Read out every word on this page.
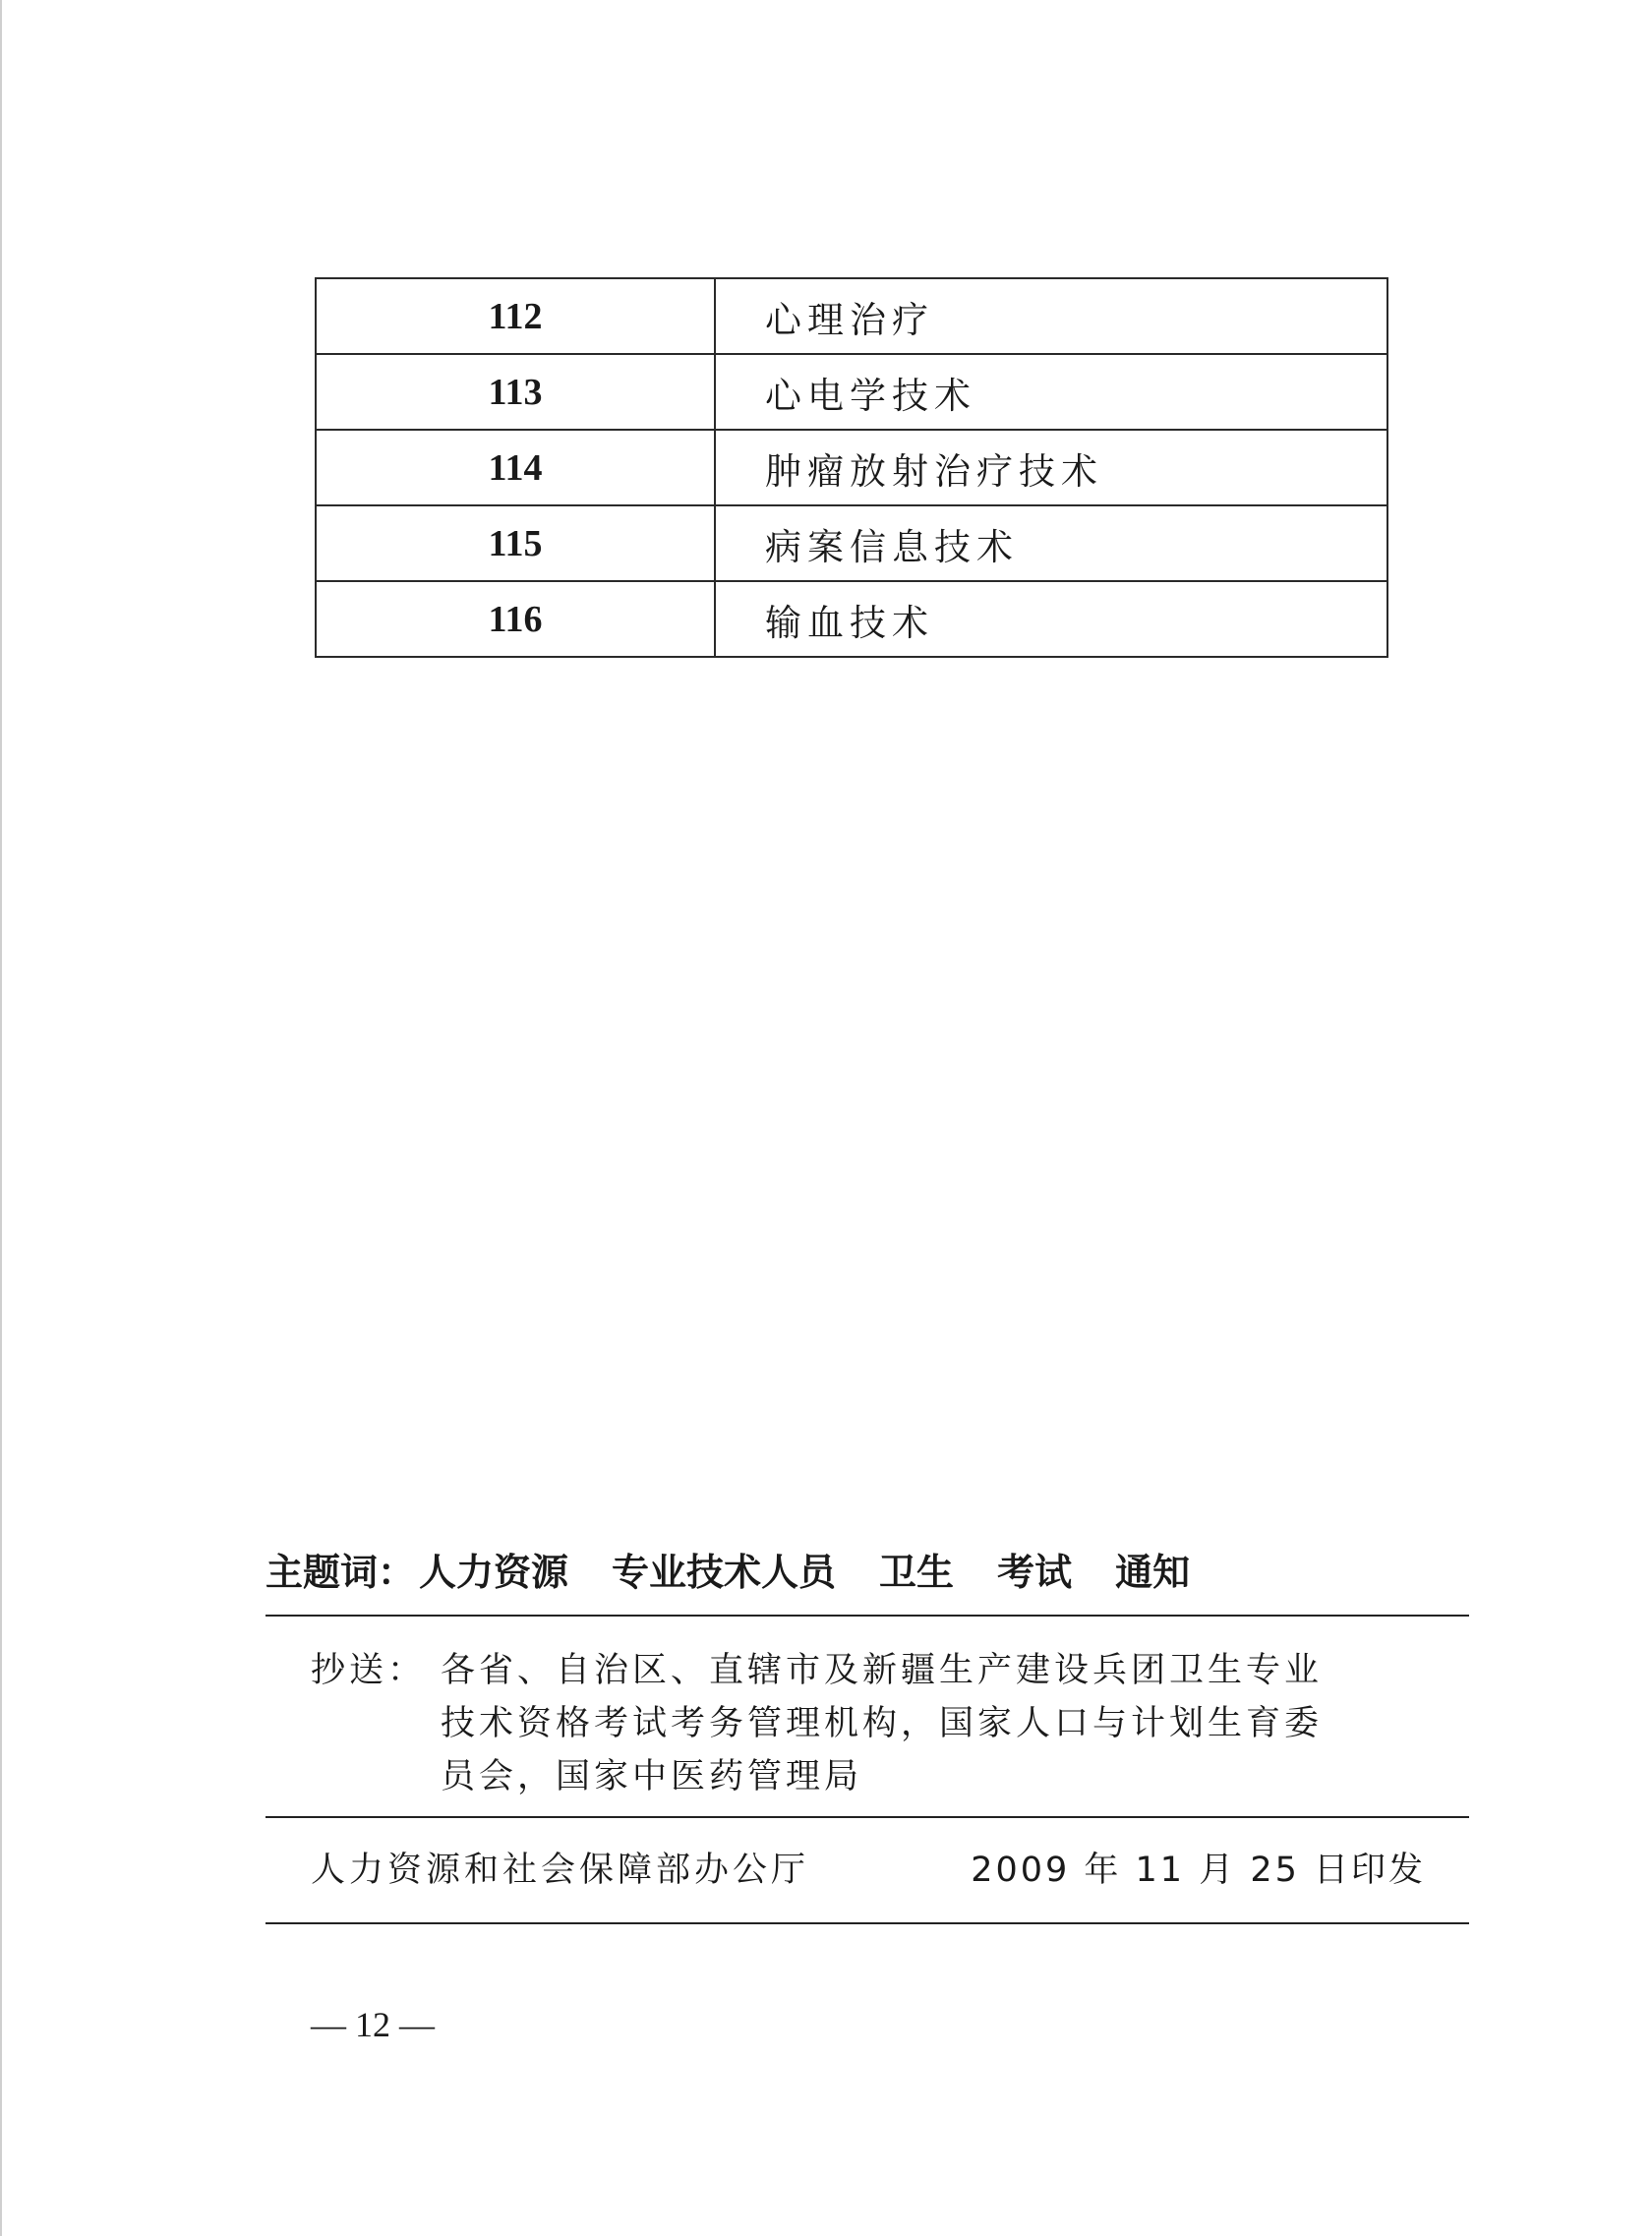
112	心理治疗
113	心电学技术
114	肿瘤放射治疗技术
115	病案信息技术
116	输血技术
主题词： 人力资源 专业技术人员 卫生 考试 通知
抄送： 各省、自治区、直辖市及新疆生产建设兵团卫生专业
技术资格考试考务管理机构，国家人口与计划生育委
员会，国家中医药管理局
人力资源和社会保障部办公厅	2009 年 11 月 25 日印发
— 12 —
